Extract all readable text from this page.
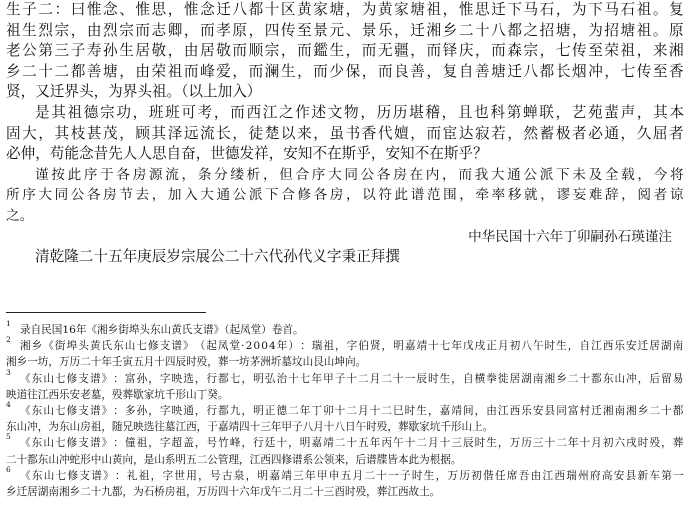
生 子 二 ： 曰 惟 念 、 惟 思 ， 惟 念 迁 八 都 十 区 黄 家 塘 ， 为 黄 家 塘 祖 ， 惟 思 迁 下 马 石 ， 为 下 马 石 祖 。 复
祖 生 烈 宗 ， 由 烈 宗 而 志 卿 ， 而 孝 原 ， 四 传 至 景 元 、 景 乐 ， 迁 湘 乡 二 十 八 都 之 招 塘 ， 为 招 塘 祖 。 原
老 公 第 三 子 寿 孙 生 居 敬 ， 由 居 敬 而 顺 宗 ， 而 鑑 生 ， 而 无 疆 ， 而 铎 庆 ， 而 森 宗 ， 七 传 至 荣 祖 ， 来 湘
乡 二 十 二 都 善 塘 ， 由 荣 祖 而 峰 爱 ， 而 澜 生 ， 而 少 保 ， 而 良 善 ， 复 自 善 塘 迁 八 都 长 烟 冲 ， 七 传 至 香
贤，又迁界头，为界头祖。（以上加入）
是 其 祖 德 宗 功 ， 班 班 可 考 ， 而 西 江 之 作 述 文 物 ， 历 历 堪 稽 ， 且 也 科 第 蝉 联 ， 艺 苑 蜚 声 ， 其 本
固 大 ， 其 枝 甚 茂 ， 顾 其 泽 远 流 长 ， 徒 楚 以 来 ， 虽 书 香 代 嬗 ， 而 宦 达 寂 若 ， 然 蓄 极 者 必 通 ， 久 屈 者
必伸，苟能念昔先人人思自奋，世德发祥，安知不在斯乎，安知不在斯乎？
谨 按 此 序 于 各 房 源 流 ， 条 分 缕 析 ， 但 合 序 大 同 公 各 房 在 内 ， 而 我 大 通 公 派 下 未 及 全 载 ， 今 将
所 序 大 同 公 各 房 节 去 ， 加 入 大 通 公 派 下 合 修 各 房 ， 以 符 此 谱 范 围 ， 牵 率 移 就 ， 谬 妄 难 辞 ， 阅 者 谅
之。
中华民国十六年丁卯嗣孙石瑛谨注
清乾隆二十五年庚辰岁宗展公二十六代孙代义字秉正拜撰
1
录自民国16年《湘乡街埠头东山黄氏支谱》（起凤堂）卷首。
2
湘 乡 《 街 埠 头 黄 氏 东 山 七 修 支 谱 》 （ 起 凤 堂 · 2 0 0 4 年 ） ： 瑞 祖 ， 字 伯 贤 ， 明 嘉 靖 十 七 年 戊 戌 正 月 初 八 午 时 生 ， 自 江 西 乐 安 迁 居 湖 南
湘乡一坊，万历二十年壬寅五月十四辰时殁，葬一坊茅洲圻墓坟山艮山坤向。
3
《 东 山 七 修 支 谱 》 ： 富 孙 ， 字 映 选 ， 行 都 七 ， 明 弘 治 十 七 年 甲 子 十 二 月 二 十 一 辰 时 生 ， 自 横 拳 徙 居 湖 南 湘 乡 二 十 都 东 山 冲 ， 后 留 易
映道往江西乐安老墓，殁葬歇家坑千形山丁癸。
4
《 东 山 七 修 支 谱 》 ： 多 孙 ， 字 映 通 ， 行 都 九 ， 明 正 德 二 年 丁 卯 十 二 月 十 二 巳 时 生 ， 嘉 靖 间 ， 由 江 西 乐 安 县 同 富 村 迁 湘 南 湘 乡 二 十 都
东山冲，为东山房祖，随兄映选往墓江西，于嘉靖四十三年甲子八月十八日午时殁，葬歇家坑千形山上。
5
《 东 山 七 修 支 谱 》 ： 僮 祖 ， 字 超 盖 ， 号 竹 峰 ， 行 廷 十 ， 明 嘉 靖 二 十 五 年 丙 午 十 二 月 十 三 辰 时 生 ， 万 历 三 十 二 年 十 月 初 六 戌 时 殁 ， 葬
二十都东山冲蛇形中山黄向，是山系明五二公管理，江西四修谱系公领来，后谱牒皆本此为根据。
6
《 东 山 七 修 支 谱 》 ： 礼 祖 ， 字 世 用 ， 号 古 泉 ， 明 嘉 靖 三 年 甲 申 五 月 二 十 一 子 时 生 ， 万 历 初 偕 任 席 吾 由 江 西 瑞 州 府 高 安 县 新 车 第 一
乡迁居湖南湘乡二十九都，为石桥房祖，万历四十六年戊午二月二十三酉时殁，葬江西故土。
